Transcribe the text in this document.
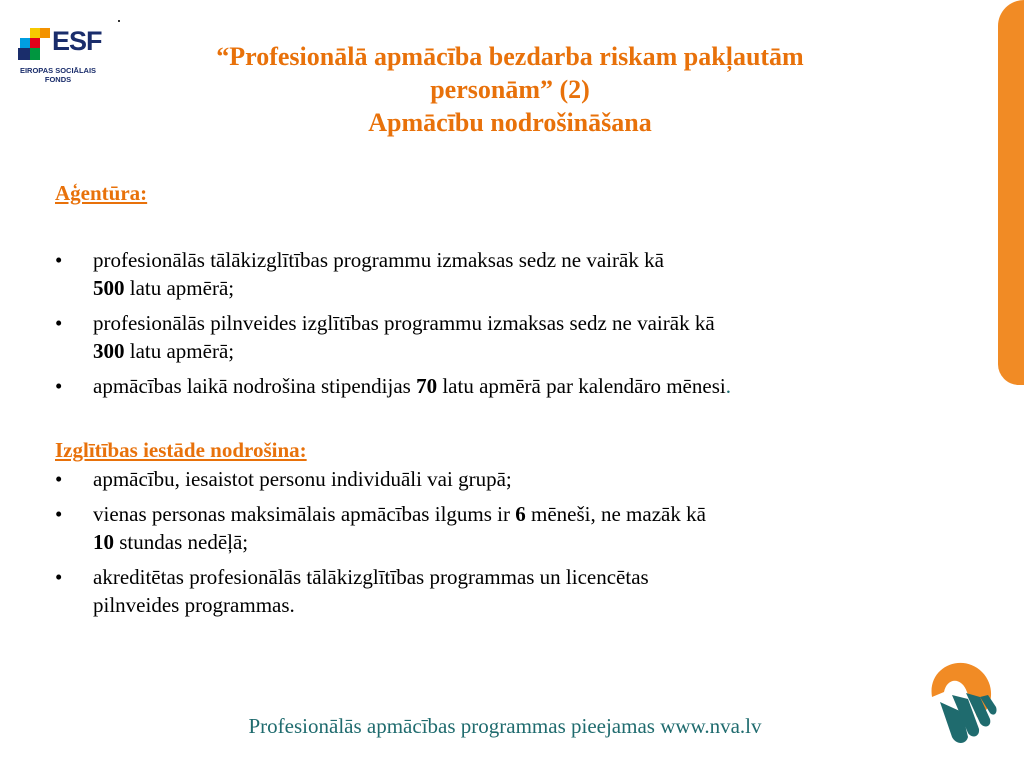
ESF
EIROPAS SOCIĀLAIS
FONDS
“Profesionālā apmācība bezdarba riskam pakļautām
personām” (2)
Apmācību nodrošināšana
Aģentūra:
• profesionālās tālākizglītības programmu izmaksas sedz ne vairāk kā
500 latu apmērā;
• profesionālās pilnveides izglītības programmu izmaksas sedz ne vairāk kā
300 latu apmērā;
• apmācības laikā nodrošina stipendijas 70 latu apmērā par kalendāro mēnesi.
Izglītības iestāde nodrošina:
• apmācību, iesaistot personu individuāli vai grupā;
• vienas personas maksimālais apmācības ilgums ir 6 mēneši, ne mazāk kā
10 stundas nedēļā;
• akreditētas profesionālās tālākizglītības programmas un licencētas
pilnveides programmas.
Profesionālās apmācības programmas pieejamas www.nva.lv
